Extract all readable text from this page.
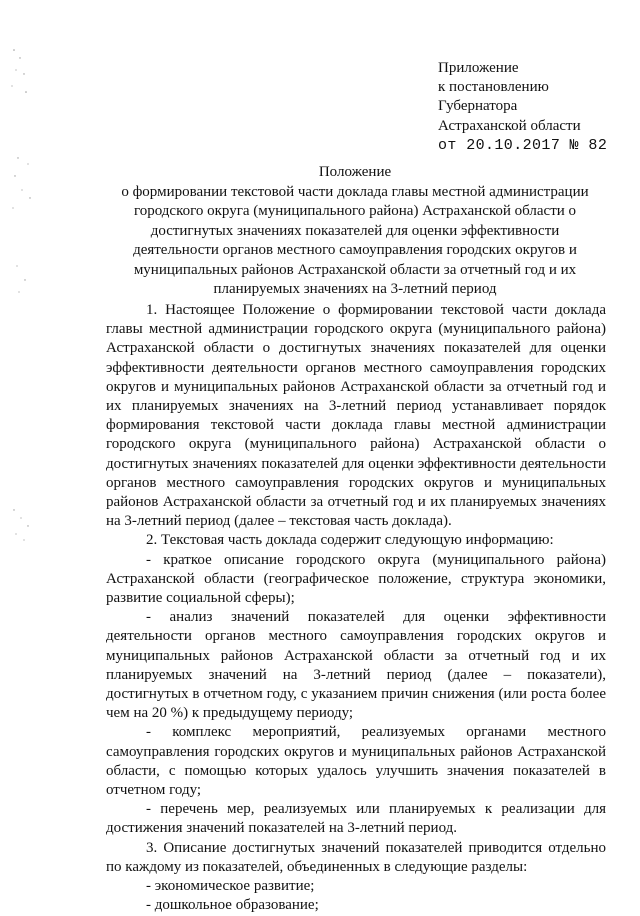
Приложение
к постановлению
Губернатора
Астраханской области
от 20.10.2017 № 82
Положение
о формировании текстовой части доклада главы местной администрации городского округа (муниципального района) Астраханской области о достигнутых значениях показателей для оценки эффективности деятельности органов местного самоуправления городских округов и муниципальных районов Астраханской области за отчетный год и их планируемых значениях на 3-летний период

1. Настоящее Положение о формировании текстовой части доклада главы местной администрации городского округа (муниципального района) Астраханской области о достигнутых значениях показателей для оценки эффективности деятельности органов местного самоуправления городских округов и муниципальных районов Астраханской области за отчетный год и их планируемых значениях на 3-летний период устанавливает порядок формирования текстовой части доклада главы местной администрации городского округа (муниципального района) Астраханской области о достигнутых значениях показателей для оценки эффективности деятельности органов местного самоуправления городских округов и муниципальных районов Астраханской области за отчетный год и их планируемых значениях на 3-летний период (далее – текстовая часть доклада).

2. Текстовая часть доклада содержит следующую информацию:

- краткое описание городского округа (муниципального района) Астраханской области (географическое положение, структура экономики, развитие социальной сферы);

- анализ значений показателей для оценки эффективности деятельности органов местного самоуправления городских округов и муниципальных районов Астраханской области за отчетный год и их планируемых значений на 3-летний период (далее – показатели), достигнутых в отчетном году, с указанием причин снижения (или роста более чем на 20 %) к предыдущему периоду;

- комплекс мероприятий, реализуемых органами местного самоуправления городских округов и муниципальных районов Астраханской области, с помощью которых удалось улучшить значения показателей в отчетном году;

- перечень мер, реализуемых или планируемых к реализации для достижения значений показателей на 3-летний период.

3. Описание достигнутых значений показателей приводится отдельно по каждому из показателей, объединенных в следующие разделы:

- экономическое развитие;

- дошкольное образование;
